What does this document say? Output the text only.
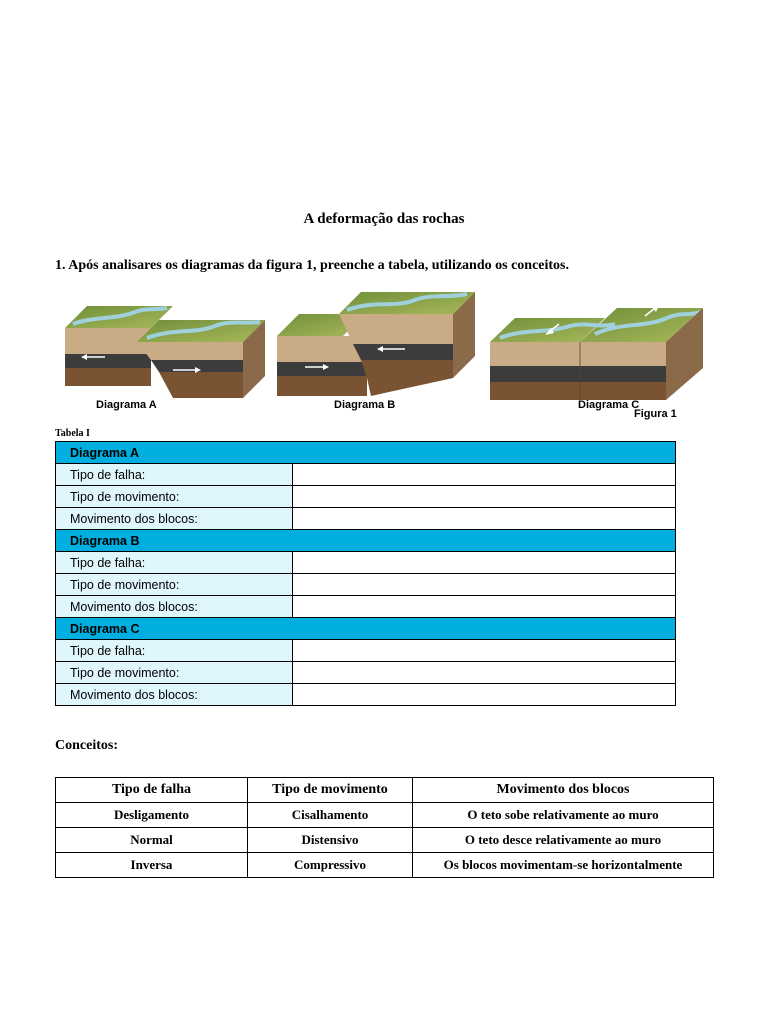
A deformação das rochas
1. Após analisares os diagramas da figura 1, preenche a tabela, utilizando os conceitos.
Diagrama A	Diagrama B	Diagrama C
Figura 1
Tabela I
Diagrama A	
Tipo de falha:	
Tipo de movimento:	
Movimento dos blocos:	
Diagrama B	
Tipo de falha:	
Tipo de movimento:	
Movimento dos blocos:	
Diagrama C	
Tipo de falha:	
Tipo de movimento:	
Movimento dos blocos:	
Conceitos:
Tipo de falha	Tipo de movimento	Movimento dos blocos
Desligamento	Cisalhamento	O teto sobe relativamente ao muro
Normal	Distensivo	O teto desce relativamente ao muro
Inversa	Compressivo	Os blocos movimentam-se horizontalmente
